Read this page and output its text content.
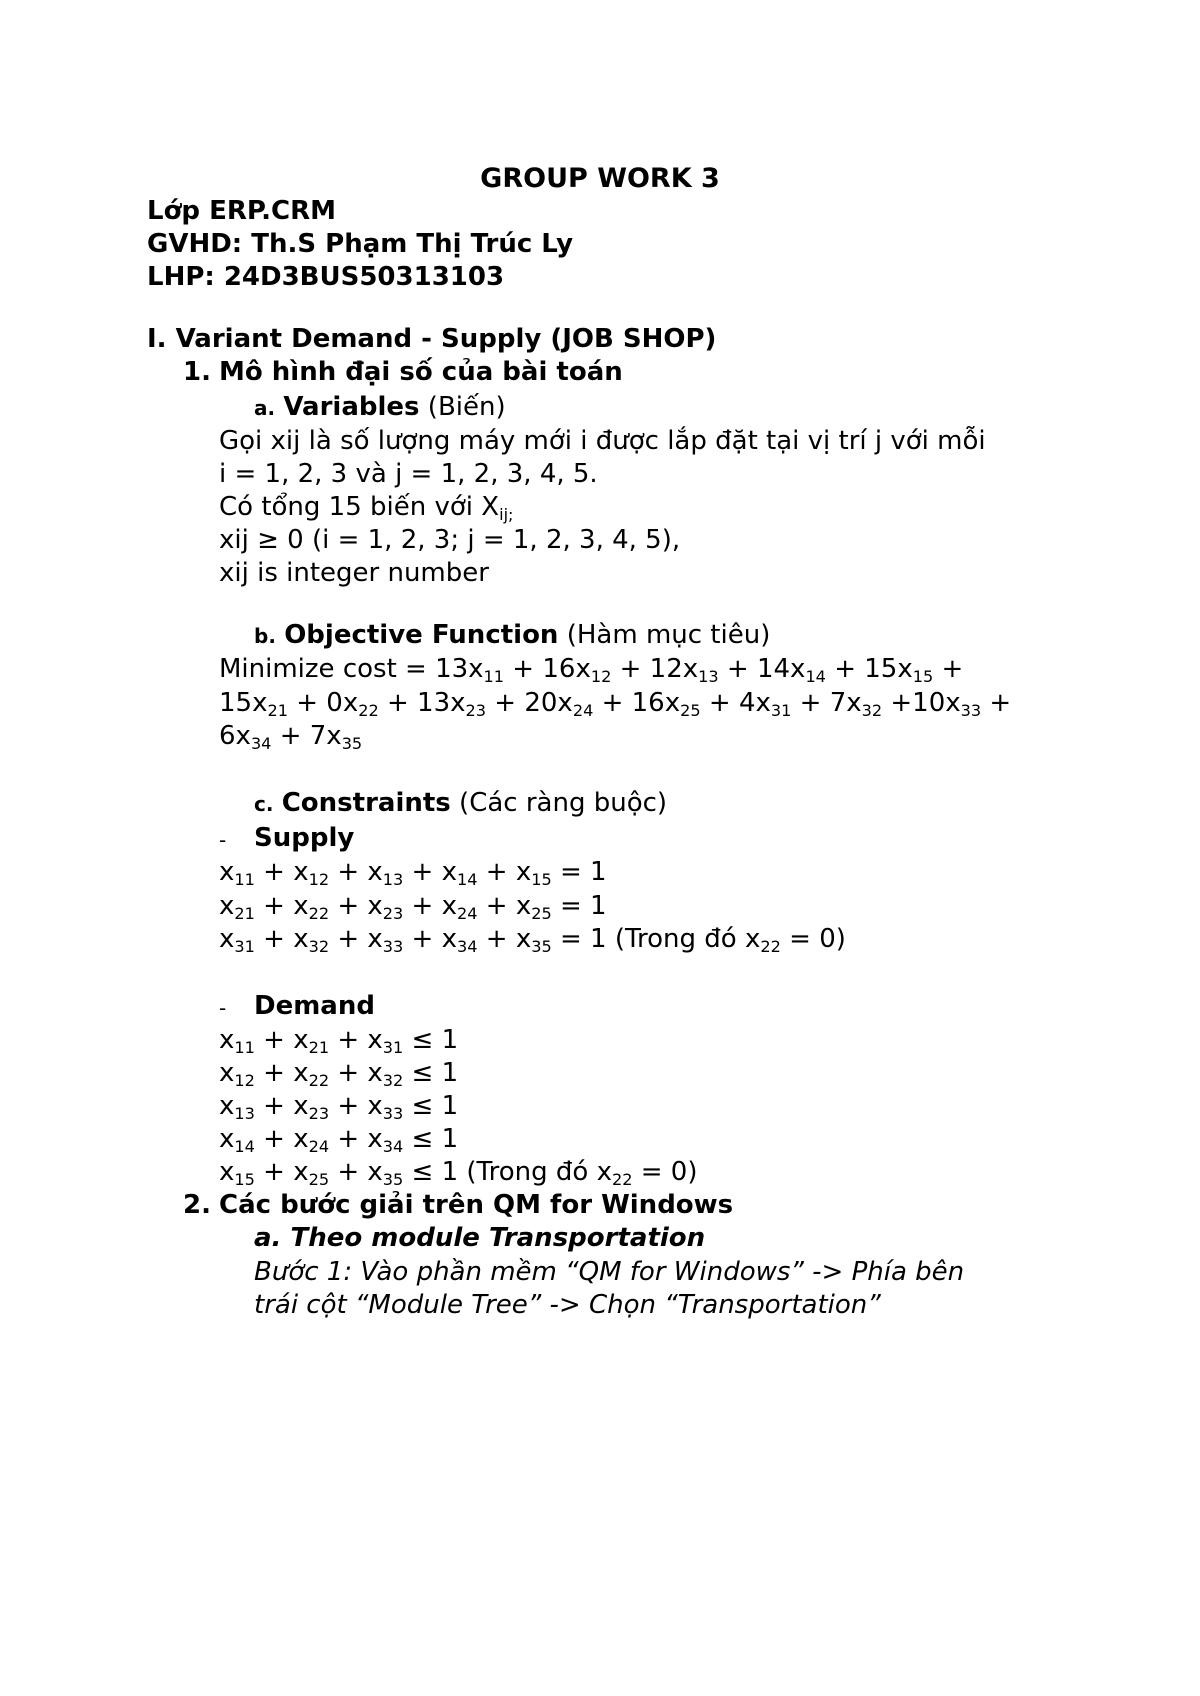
GROUP WORK 3
Lớp ERP.CRM
GVHD: Th.S Phạm Thị Trúc Ly
LHP: 24D3BUS50313103
I. Variant Demand - Supply (JOB SHOP)
1. Mô hình đại số của bài toán
a. Variables (Biến)
Gọi xij là số lượng máy mới i được lắp đặt tại vị trí j với mỗi
i = 1, 2, 3 và j = 1, 2, 3, 4, 5.
Có tổng 15 biến với $X_{ij;}$
xij ≥ 0 (i = 1, 2, 3; j = 1, 2, 3, 4, 5),
xij is integer number
b. Objective Function (Hàm mục tiêu)
Minimize $\cos t = 13x_{11} + 16x_{12} + 12x_{13} + 14x_{14} + 15x_{15}$ +
$15x_{21} + 0x_{22} + 13x_{23} + 20x_{24} + 16x_{25} + 4x_{31} + 7x_{32} +10x_{33}$ +
$6x_{34} + 7x_{35}$
c. Constraints (Các ràng buộc)
- Supply
$x_{11} + x_{12} + x_{13} + x_{14} + x_{15} = 1$
$x_{21} + x_{22} + x_{23} + x_{24} + x_{25} = 1$
$x_{31} + x_{32} + x_{33} + x_{34} + x_{35} = 1$ (Trong đó $x_{22} = 0$)
- Demand
$x_{11} + x_{21} + x_{31} \le 1$
$x_{12} + x_{22} + x_{32} \le 1$
$x_{13} + x_{23} + x_{33} \le 1$
$x_{14} + x_{24} + x_{34} \le 1$
$x_{15} + x_{25} + x_{35} \le 1$ (Trong đó $x_{22} = 0$)
2. Các bước giải trên QM for Windows
a. Theo module Transportation
Bước 1: Vào phần mềm “QM for Windows” -> Phía bên
trái cột “Module Tree” -> Chọn “Transportation”
